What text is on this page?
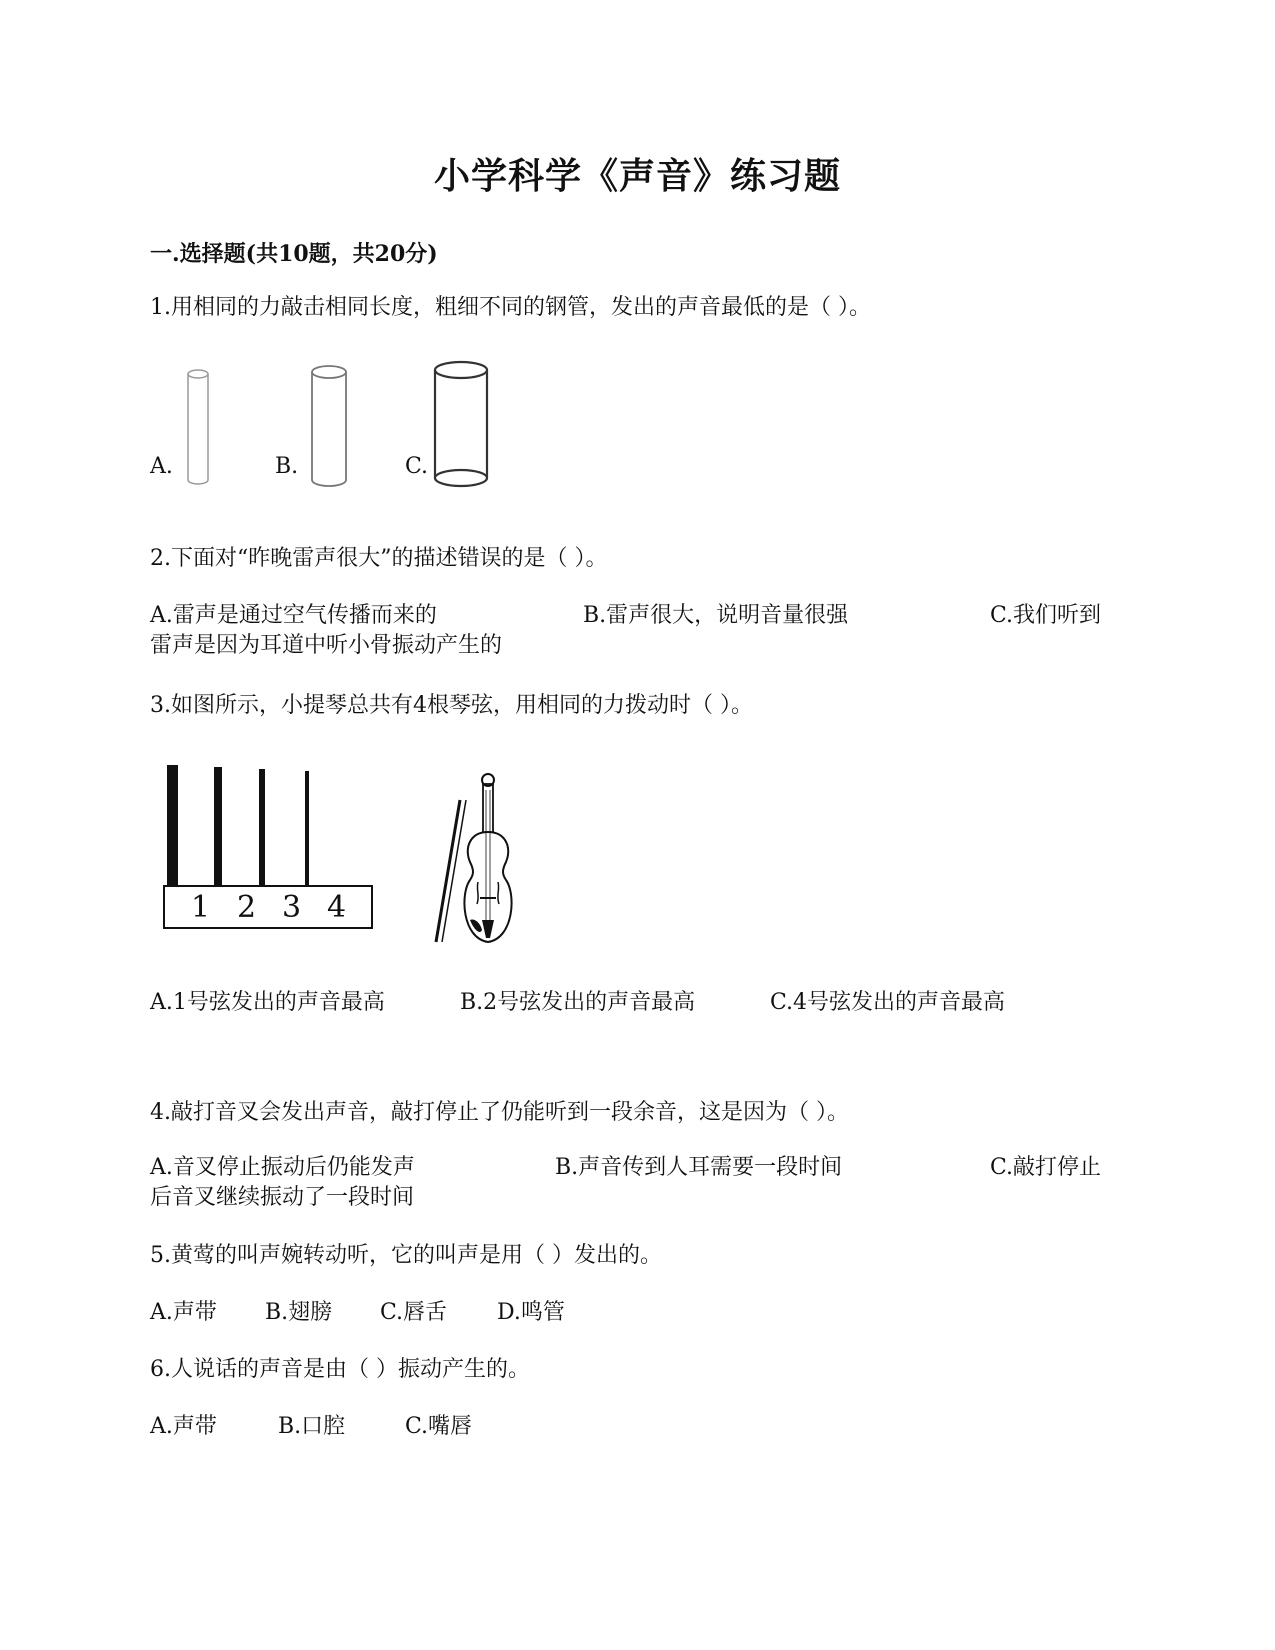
小学科学《声音》练习题
一.选择题(共10题，共20分)
1.用相同的力敲击相同长度，粗细不同的钢管，发出的声音最低的是（ ）。
A.	B.	C.
2.下面对“昨晚雷声很大”的描述错误的是（ ）。
A.雷声是通过空气传播而来的	B.雷声很大，说明音量很强	C.我们听到
雷声是因为耳道中听小骨振动产生的
3.如图所示，小提琴总共有4根琴弦，用相同的力拨动时（ ）。
1 2 3 4
A.1号弦发出的声音最高	B.2号弦发出的声音最高	C.4号弦发出的声音最高
4.敲打音叉会发出声音，敲打停止了仍能听到一段余音，这是因为（ ）。
A.音叉停止振动后仍能发声	B.声音传到人耳需要一段时间	C.敲打停止
后音叉继续振动了一段时间
5.黄莺的叫声婉转动听，它的叫声是用（ ）发出的。
A.声带 B.翅膀 C.唇舌 D.鸣管
6.人说话的声音是由（ ）振动产生的。
A.声带	B.口腔	C.嘴唇
